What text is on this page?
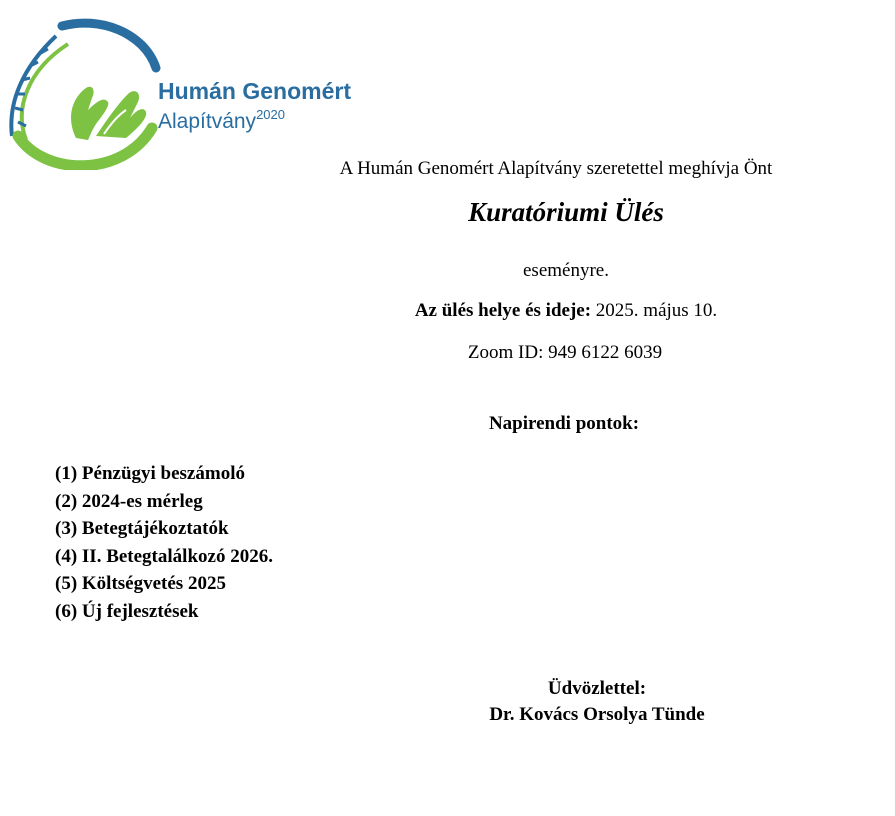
Humán Genomért
Alapítvány$^{2020}$
A Humán Genomért Alapítvány szeretettel meghívja Önt
Kuratóriumi Ülés
eseményre.
Az ülés helye és ideje: 2025. május 10.
Zoom ID: 949 6122 6039
Napirendi pontok:
(1) Pénzügyi beszámoló
(2) 2024-es mérleg
(3) Betegtájékoztatók
(4) II. Betegtalálkozó 2026.
(5) Költségvetés 2025
(6) Új fejlesztések
Üdvözlettel:
Dr. Kovács Orsolya Tünde
